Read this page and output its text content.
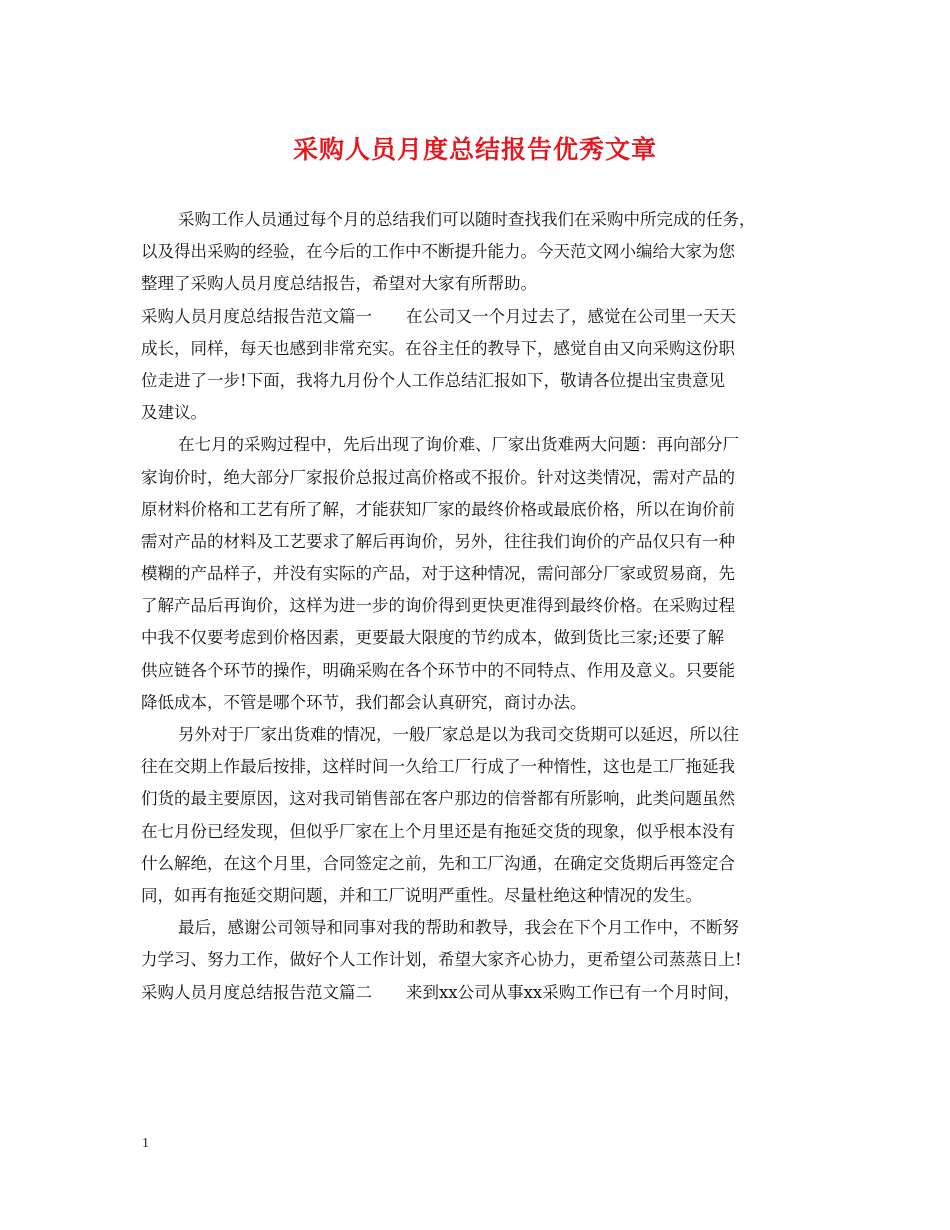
采购人员月度总结报告优秀文章
采购工作人员通过每个月的总结我们可以随时查找我们在采购中所完成的任务，
以及得出采购的经验，在今后的工作中不断提升能力。今天范文网小编给大家为您
整理了采购人员月度总结报告，希望对大家有所帮助。
采购人员月度总结报告范文篇一 在公司又一个月过去了，感觉在公司里一天天
成长，同样，每天也感到非常充实。在谷主任的教导下，感觉自由又向采购这份职
位走进了一步!下面，我将九月份个人工作总结汇报如下，敬请各位提出宝贵意见
及建议。
在七月的采购过程中，先后出现了询价难、厂家出货难两大问题：再向部分厂
家询价时，绝大部分厂家报价总报过高价格或不报价。针对这类情况，需对产品的
原材料价格和工艺有所了解，才能获知厂家的最终价格或最底价格，所以在询价前
需对产品的材料及工艺要求了解后再询价，另外，往往我们询价的产品仅只有一种
模糊的产品样子，并没有实际的产品，对于这种情况，需问部分厂家或贸易商，先
了解产品后再询价，这样为进一步的询价得到更快更准得到最终价格。在采购过程
中我不仅要考虑到价格因素，更要最大限度的节约成本，做到货比三家;还要了解
供应链各个环节的操作，明确采购在各个环节中的不同特点、作用及意义。只要能
降低成本，不管是哪个环节，我们都会认真研究，商讨办法。
另外对于厂家出货难的情况，一般厂家总是以为我司交货期可以延迟，所以往
往在交期上作最后按排，这样时间一久给工厂行成了一种惰性，这也是工厂拖延我
们货的最主要原因，这对我司销售部在客户那边的信誉都有所影响，此类问题虽然
在七月份已经发现，但似乎厂家在上个月里还是有拖延交货的现象，似乎根本没有
什么解绝，在这个月里，合同签定之前，先和工厂沟通，在确定交货期后再签定合
同，如再有拖延交期问题，并和工厂说明严重性。尽量杜绝这种情况的发生。
最后，感谢公司领导和同事对我的帮助和教导，我会在下个月工作中，不断努
力学习、努力工作，做好个人工作计划，希望大家齐心协力，更希望公司蒸蒸日上!
采购人员月度总结报告范文篇二 来到xx公司从事xx采购工作已有一个月时间，
1
